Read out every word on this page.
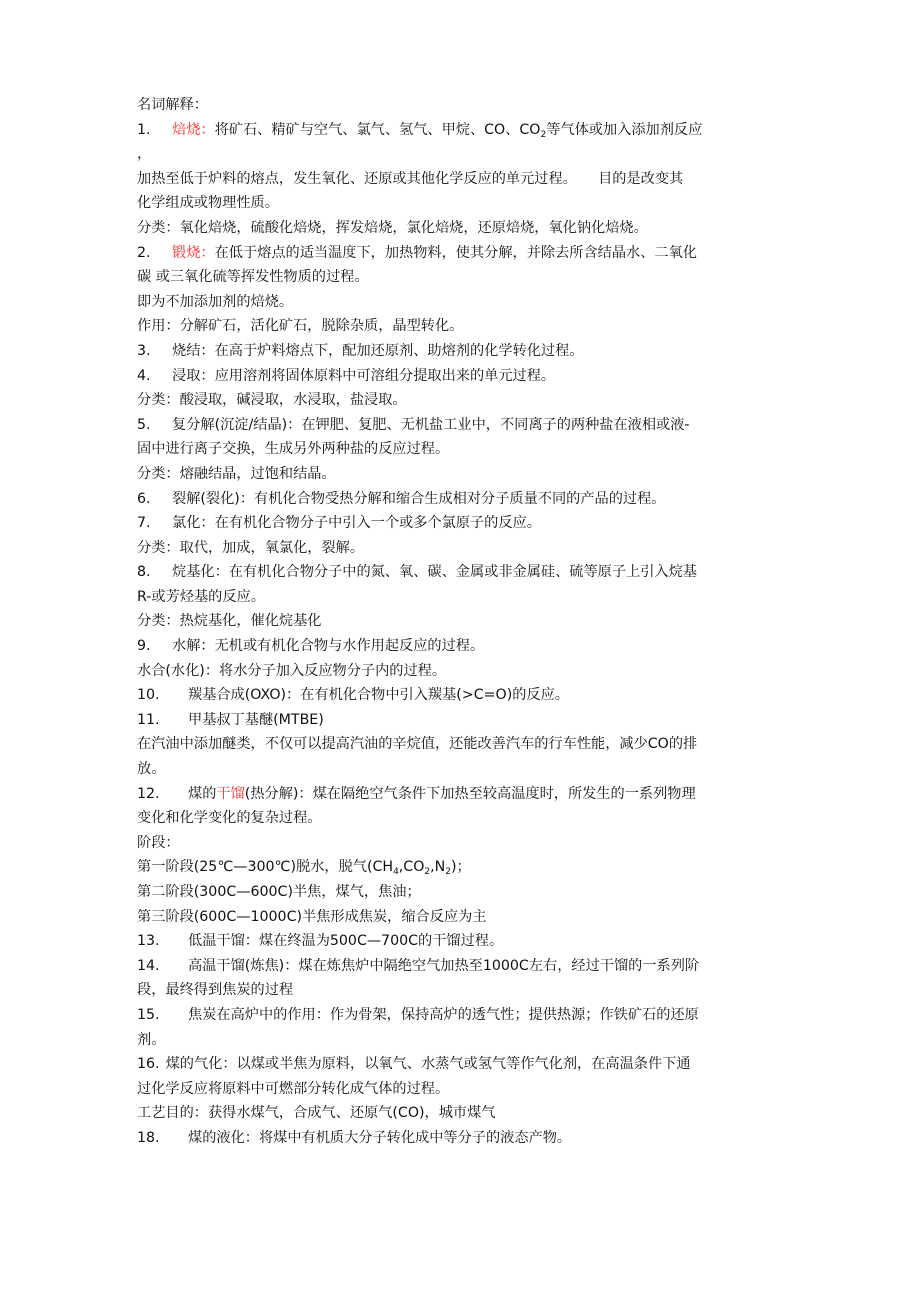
名词解释：
1. 焙烧：将矿石、精矿与空气、氯气、氢气、甲烷、CO、$CO_2$等气体或加入添加剂反应
，
加热至低于炉料的熔点，发生氧化、还原或其他化学反应的单元过程。　　目的是改变其
化学组成或物理性质。
分类：氧化焙烧，硫酸化焙烧，挥发焙烧，氯化焙烧，还原焙烧，氧化钠化焙烧。
2. 锻烧：在低于熔点的适当温度下，加热物料，使其分解，并除去所含结晶水、二氧化
碳 或三氧化硫等挥发性物质的过程。
即为不加添加剂的焙烧。
作用：分解矿石，活化矿石，脱除杂质，晶型转化。
3. 烧结：在高于炉料熔点下，配加还原剂、助熔剂的化学转化过程。
4. 浸取：应用溶剂将固体原料中可溶组分提取出来的单元过程。
分类：酸浸取，碱浸取，水浸取，盐浸取。
5. 复分解(沉淀/结晶)：在钾肥、复肥、无机盐工业中，不同离子的两种盐在液相或液-
固中进行离子交换，生成另外两种盐的反应过程。
分类：熔融结晶，过饱和结晶。
6. 裂解(裂化)：有机化合物受热分解和缩合生成相对分子质量不同的产品的过程。
7. 氯化：在有机化合物分子中引入一个或多个氯原子的反应。
分类：取代，加成，氧氯化，裂解。
8. 烷基化：在有机化合物分子中的氮、氧、碳、金属或非金属硅、硫等原子上引入烷基
R-或芳烃基的反应。
分类：热烷基化，催化烷基化
9. 水解：无机或有机化合物与水作用起反应的过程。
水合(水化)：将水分子加入反应物分子内的过程。
10. 羰基合成(OXO)：在有机化合物中引入羰基(>C=O)的反应。
11. 甲基叔丁基醚(MTBE)
在汽油中添加醚类，不仅可以提高汽油的辛烷值，还能改善汽车的行车性能，减少CO的排
放。
12. 煤的干馏(热分解)：煤在隔绝空气条件下加热至较高温度时，所发生的一系列物理
变化和化学变化的复杂过程。
阶段：
第一阶段(25℃—300℃)脱水，脱气$(CH_4,CO_2,N_2)$；
第二阶段(300C—600C)半焦，煤气，焦油；
第三阶段(600C—1000C)半焦形成焦炭，缩合反应为主
13. 低温干馏：煤在终温为500C—700C的干馏过程。
14. 高温干馏(炼焦)：煤在炼焦炉中隔绝空气加热至1000C左右，经过干馏的一系列阶
段，最终得到焦炭的过程
15. 焦炭在高炉中的作用：作为骨架，保持高炉的透气性；提供热源；作铁矿石的还原
剂。
16. 煤的气化：以煤或半焦为原料，以氧气、水蒸气或氢气等作气化剂，在高温条件下通
过化学反应将原料中可燃部分转化成气体的过程。
工艺目的：获得水煤气，合成气、还原气(CO)，城市煤气
18. 煤的液化：将煤中有机质大分子转化成中等分子的液态产物。
